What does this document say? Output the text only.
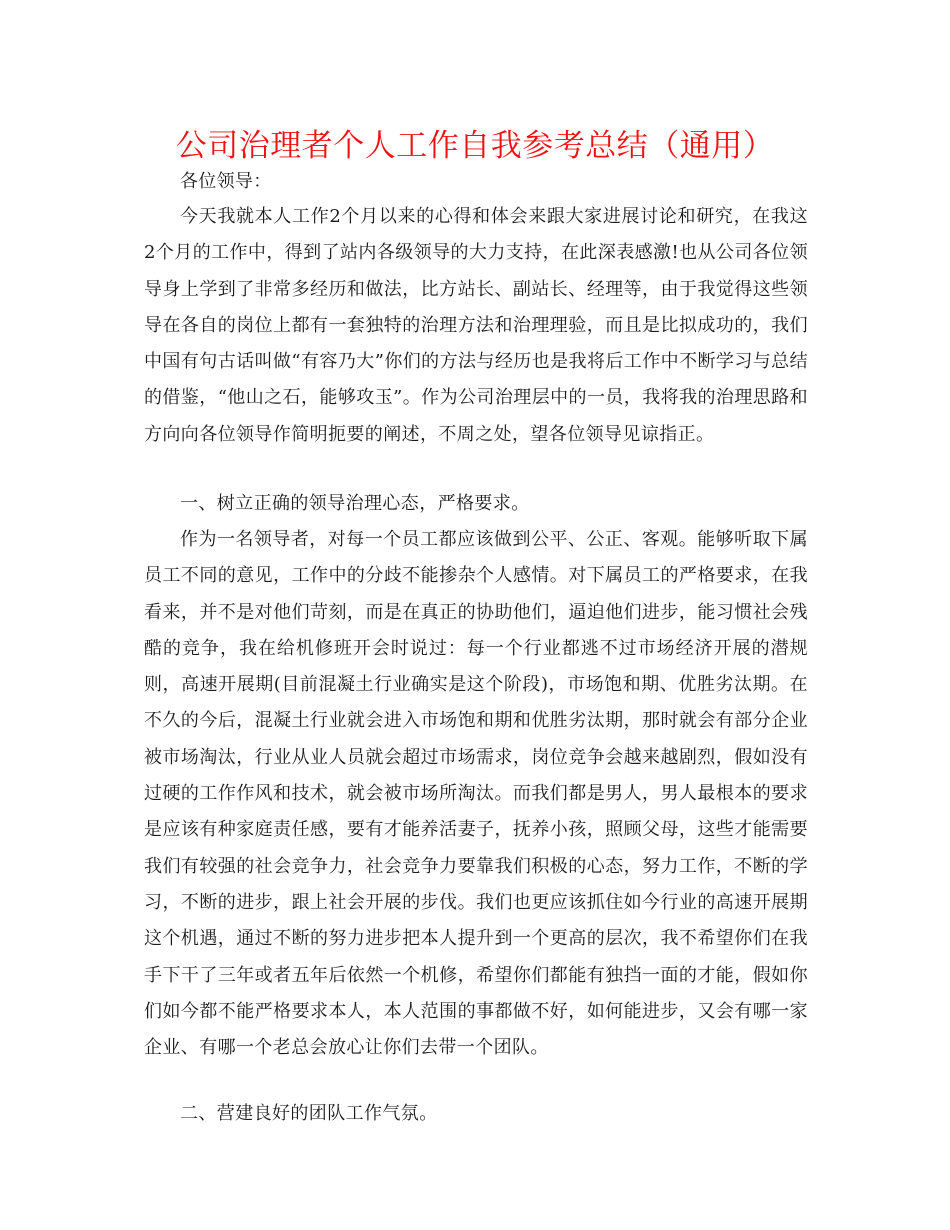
公司治理者个人工作自我参考总结（通用）
各位领导：

今天我就本人工作2个月以来的心得和体会来跟大家进展讨论和研究，在我这2个月的工作中，得到了站内各级领导的大力支持，在此深表感激!也从公司各位领导身上学到了非常多经历和做法，比方站长、副站长、经理等，由于我觉得这些领导在各自的岗位上都有一套独特的治理方法和治理理验，而且是比拟成功的，我们中国有句古话叫做“有容乃大”你们的方法与经历也是我将后工作中不断学习与总结的借鉴，“他山之石，能够攻玉”。作为公司治理层中的一员，我将我的治理思路和方向向各位领导作简明扼要的阐述，不周之处，望各位领导见谅指正。

一、树立正确的领导治理心态，严格要求。

作为一名领导者，对每一个员工都应该做到公平、公正、客观。能够听取下属员工不同的意见，工作中的分歧不能掺杂个人感情。对下属员工的严格要求，在我看来，并不是对他们苛刻，而是在真正的协助他们，逼迫他们进步，能习惯社会残酷的竞争，我在给机修班开会时说过：每一个行业都逃不过市场经济开展的潜规则，高速开展期(目前混凝土行业确实是这个阶段)，市场饱和期、优胜劣汰期。在不久的今后，混凝土行业就会进入市场饱和期和优胜劣汰期，那时就会有部分企业被市场淘汰，行业从业人员就会超过市场需求，岗位竞争会越来越剧烈，假如没有过硬的工作作风和技术，就会被市场所淘汰。而我们都是男人，男人最根本的要求是应该有种家庭责任感，要有才能养活妻子，抚养小孩，照顾父母，这些才能需要我们有较强的社会竞争力，社会竞争力要靠我们积极的心态，努力工作，不断的学习，不断的进步，跟上社会开展的步伐。我们也更应该抓住如今行业的高速开展期这个机遇，通过不断的努力进步把本人提升到一个更高的层次，我不希望你们在我手下干了三年或者五年后依然一个机修，希望你们都能有独挡一面的才能，假如你们如今都不能严格要求本人，本人范围的事都做不好，如何能进步，又会有哪一家企业、有哪一个老总会放心让你们去带一个团队。

二、营建良好的团队工作气氛。
